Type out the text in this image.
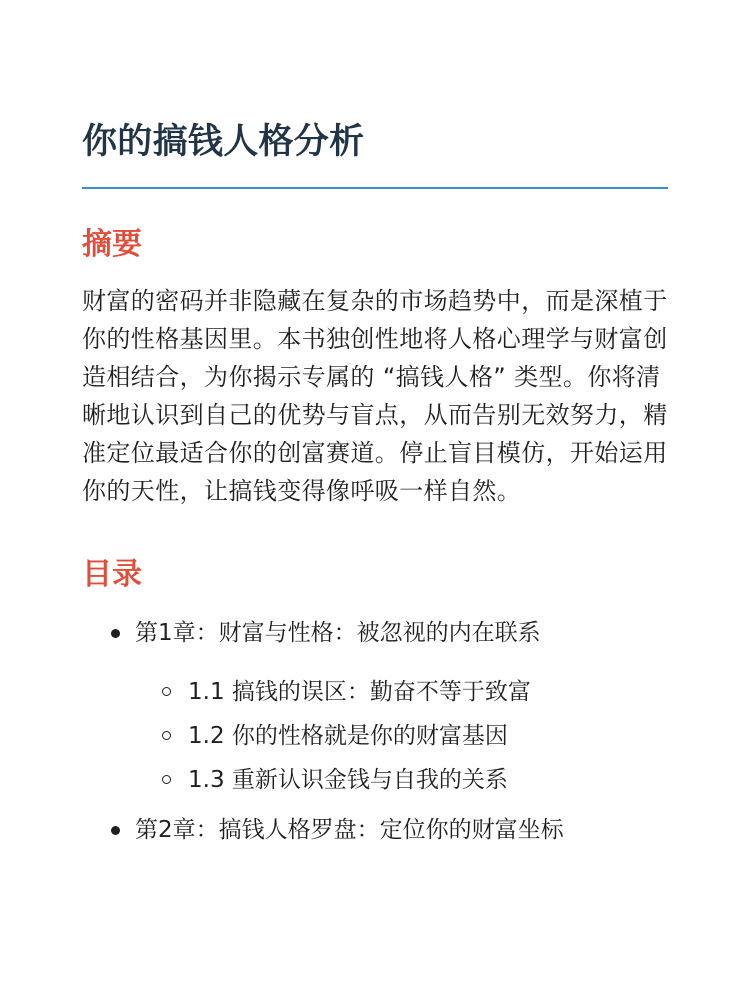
你的搞钱人格分析
摘要

财富的密码并非隐藏在复杂的市场趋势中，而是深植于你的性格基因里。本书独创性地将人格心理学与财富创造相结合，为你揭示专属的 “搞钱人格” 类型。你将清晰地认识到自己的优势与盲点，从而告别无效努力，精准定位最适合你的创富赛道。停止盲目模仿，开始运用你的天性，让搞钱变得像呼吸一样自然。

目录
第1章：财富与性格：被忽视的内在联系
1.1 搞钱的误区：勤奋不等于致富
1.2 你的性格就是你的财富基因
1.3 重新认识金钱与自我的关系
第2章：搞钱人格罗盘：定位你的财富坐标
